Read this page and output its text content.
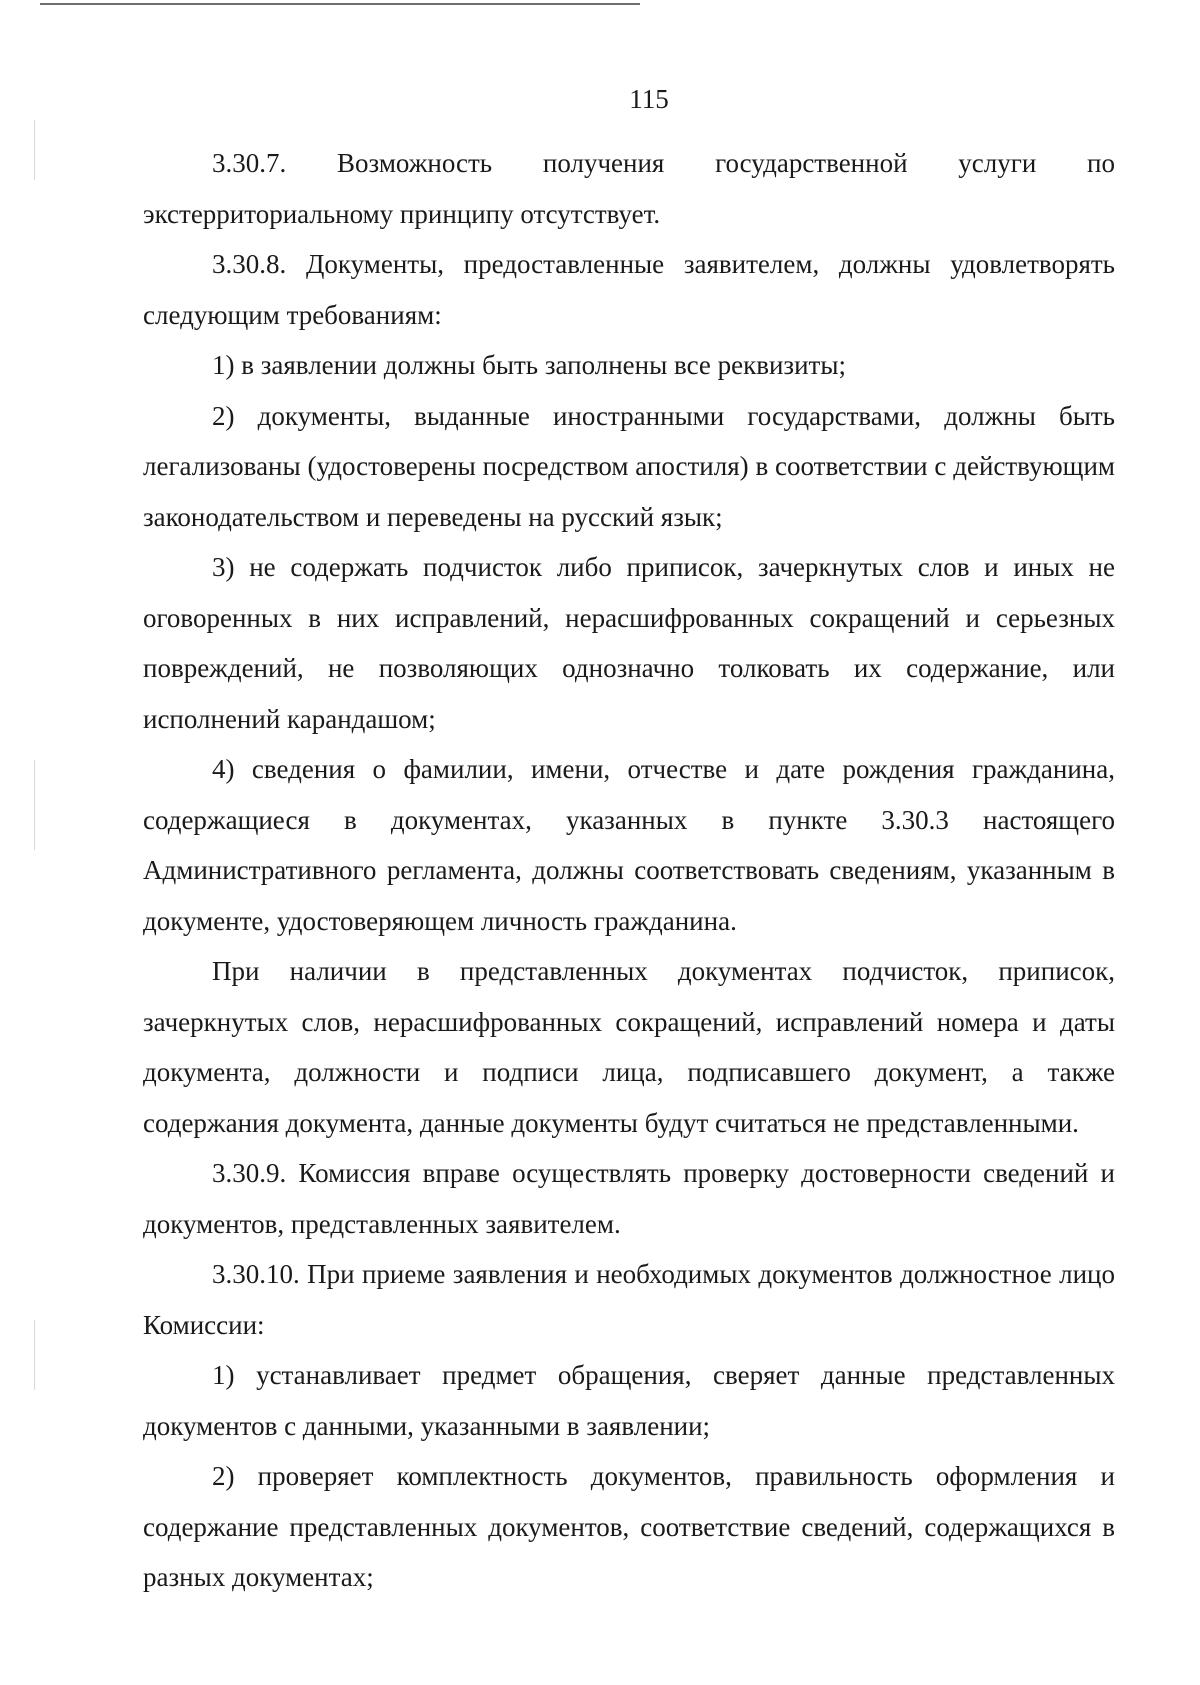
115

3.30.7. Возможность получения государственной услуги по экстерриториальному принципу отсутствует.

3.30.8. Документы, предоставленные заявителем, должны удовлетворять следующим требованиям:

1) в заявлении должны быть заполнены все реквизиты;

2) документы, выданные иностранными государствами, должны быть легализованы (удостоверены посредством апостиля) в соответствии с действующим законодательством и переведены на русский язык;

3) не содержать подчисток либо приписок, зачеркнутых слов и иных не оговоренных в них исправлений, нерасшифрованных сокращений и серьезных повреждений, не позволяющих однозначно толковать их содержание, или исполнений карандашом;

4) сведения о фамилии, имени, отчестве и дате рождения гражданина, содержащиеся в документах, указанных в пункте 3.30.3 настоящего Административного регламента, должны соответствовать сведениям, указанным в документе, удостоверяющем личность гражданина.

При наличии в представленных документах подчисток, приписок, зачеркнутых слов, нерасшифрованных сокращений, исправлений номера и даты документа, должности и подписи лица, подписавшего документ, а также содержания документа, данные документы будут считаться не представленными.

3.30.9. Комиссия вправе осуществлять проверку достоверности сведений и документов, представленных заявителем.

3.30.10. При приеме заявления и необходимых документов должностное лицо Комиссии:

1) устанавливает предмет обращения, сверяет данные представленных документов с данными, указанными в заявлении;

2) проверяет комплектность документов, правильность оформления и содержание представленных документов, соответствие сведений, содержащихся в разных документах;
